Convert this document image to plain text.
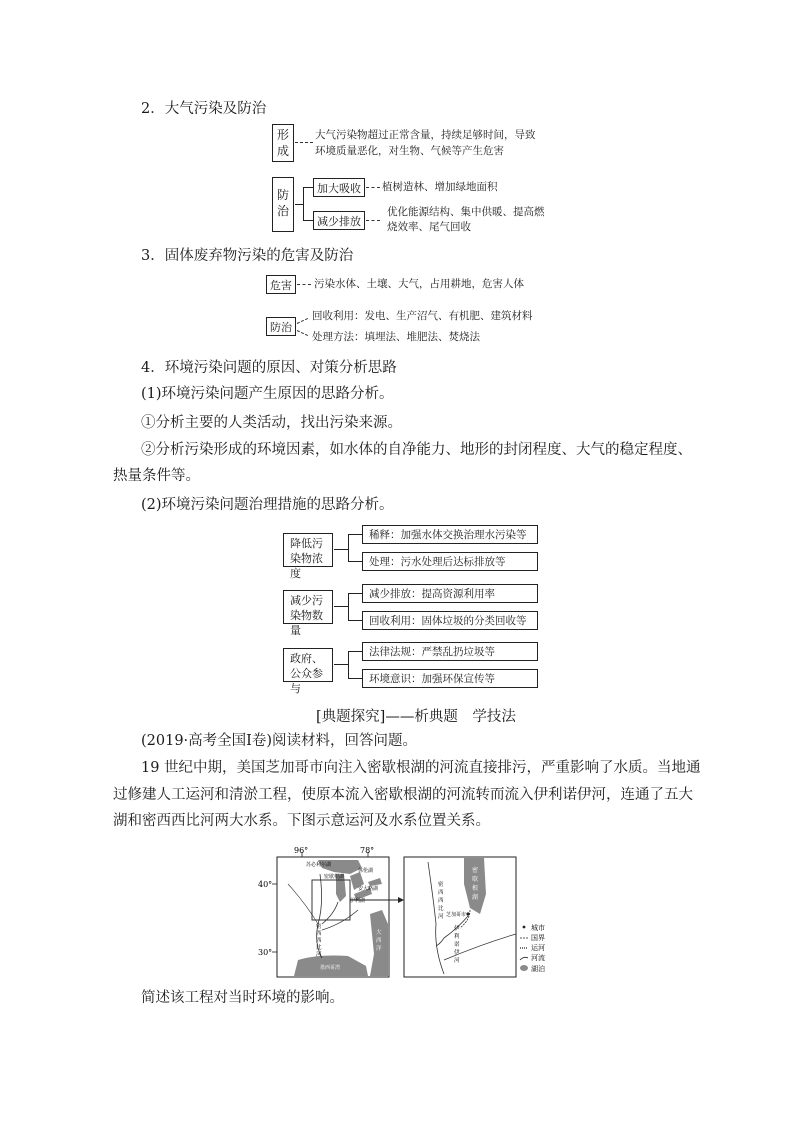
2．大气污染及防治
形成
大气污染物超过正常含量，持续足够时间，导致
环境质量恶化，对生物、气候等产生危害
防治
加大吸收 植树造林、增加绿地面积
减少排放
优化能源结构、集中供暖、提高燃
烧效率、尾气回收
3．固体废弃物污染的危害及防治
危害 污染水体、土壤、大气，占用耕地，危害人体
防治
回收利用：发电、生产沼气、有机肥、建筑材料
处理方法：填埋法、堆肥法、焚烧法
4．环境污染问题的原因、对策分析思路
(1)环境污染问题产生原因的思路分析。
①分析主要的人类活动，找出污染来源。
②分析污染形成的环境因素，如水体的自净能力、地形的封闭程度、大气的稳定程度、
热量条件等。
(2)环境污染问题治理措施的思路分析。
降低污染物浓度
稀释：加强水体交换治理水污染等
处理：污水处理后达标排放等
减少污染物数量
减少排放：提高资源利用率
回收利用：固体垃圾的分类回收等
政府、公众参与
法律法规：严禁乱扔垃圾等
环境意识：加强环保宣传等
[典题探究]——析典题　学技法
(2019·高考全国Ⅰ卷)阅读材料，回答问题。
19 世纪中期，美国芝加哥市向注入密歇根湖的河流直接排污，严重影响了水质。当地通
过修建人工运河和清淤工程，使原本流入密歇根湖的河流转而流入伊利诺伊河，连通了五大
湖和密西西比河两大水系。下图示意运河及水系位置关系。
96°	78°
40°
30°
苏必利尔湖
密歇根湖
休伦湖
安大略湖
伊利湖
密
西
西
比
河
墨西哥湾
大
西
洋
芝加哥市
密
歇
根
湖
密
西
西
比
河
伊
利
诺
伊
河
城市
国界
运河
河流
湖泊
简述该工程对当时环境的影响。
